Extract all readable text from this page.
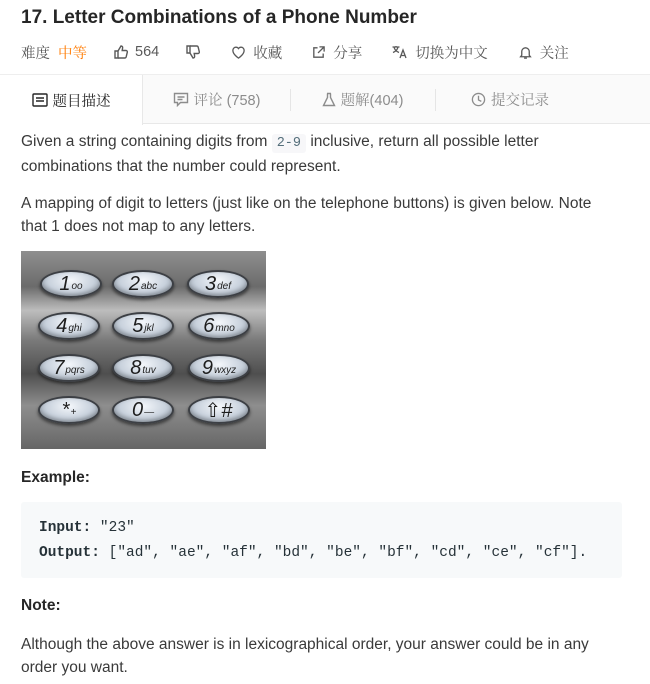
17. Letter Combinations of a Phone Number
难度 中等	564	收藏	分享	切换为中文	关注
题目描述	评论 (758)	题解(404)	提交记录

Given a string containing digits from 2-9 inclusive, return all possible letter combinations that the number could represent.

A mapping of digit to letters (just like on the telephone buttons) is given below. Note that 1 does not map to any letters.

1 oo 2 abc 3 def
4 ghi	5 jkl 6 mno
7 pqrs 8 tuv 9 wxyz
* +	0 —	⇧#
Example:
Input: "23"
Output: ["ad", "ae", "af", "bd", "be", "bf", "cd", "ce", "cf"].
Note:

Although the above answer is in lexicographical order, your answer could be in any order you want.
